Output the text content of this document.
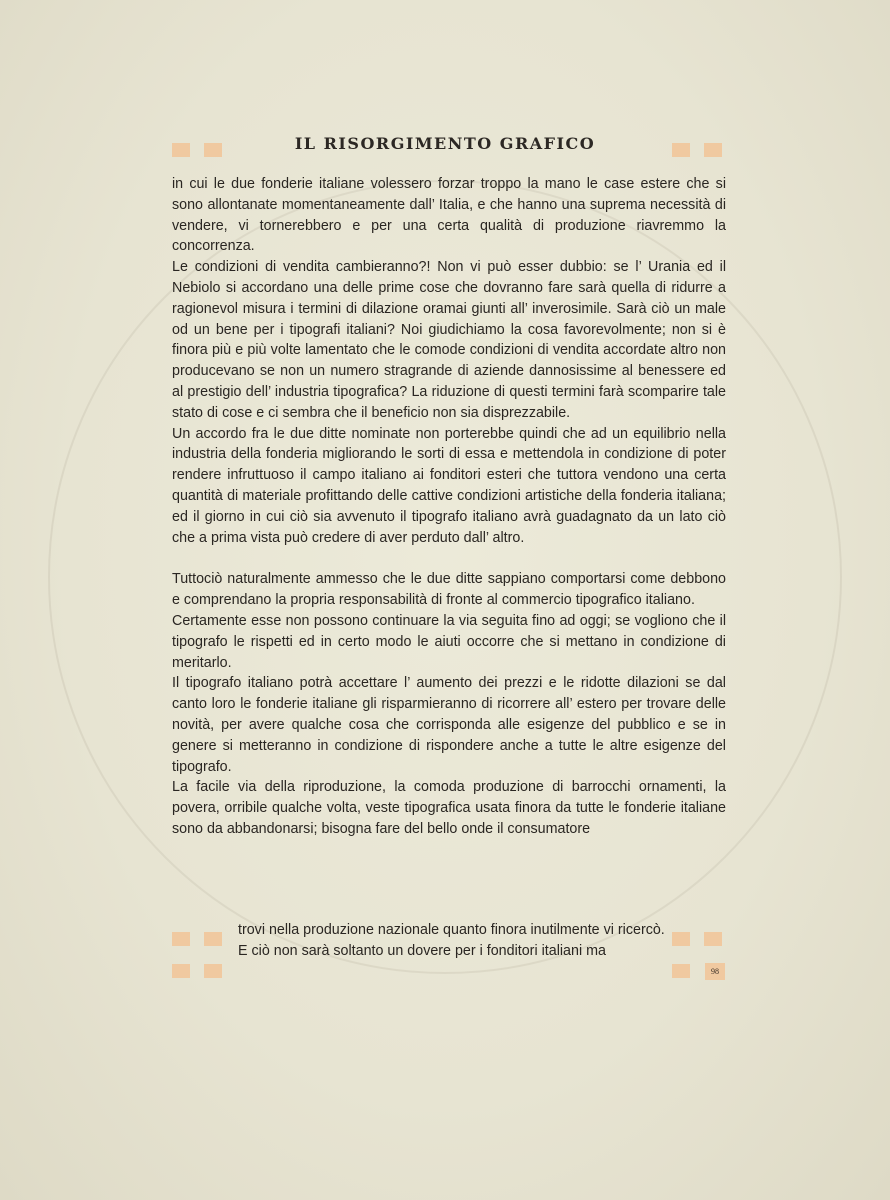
IL RISORGIMENTO GRAFICO

in cui le due fonderie italiane volessero forzar troppo la mano le case estere che si sono allontanate momentaneamente dall’ Italia, e che hanno una suprema necessità di vendere, vi tornerebbero e per una certa qualità di produzione riavremmo la concorrenza.

Le condizioni di vendita cambieranno?! Non vi può esser dubbio: se l’ Urania ed il Nebiolo si accordano una delle prime cose che dovranno fare sarà quella di ridurre a ragionevol misura i termini di dilazione oramai giunti all’ inverosimile. Sarà ciò un male od un bene per i tipografi italiani? Noi giudichiamo la cosa favorevolmente; non si è finora più e più volte lamentato che le comode condizioni di vendita accordate altro non producevano se non un numero stragrande di aziende dannosissime al benessere ed al prestigio dell’ industria tipografica? La riduzione di questi termini farà scomparire tale stato di cose e ci sembra che il beneficio non sia disprezzabile.

Un accordo fra le due ditte nominate non porterebbe quindi che ad un equilibrio nella industria della fonderia migliorando le sorti di essa e mettendola in condizione di poter rendere infruttuoso il campo italiano ai fonditori esteri che tuttora vendono una certa quantità di materiale profittando delle cattive condizioni artistiche della fonderia italiana; ed il giorno in cui ciò sia avvenuto il tipografo italiano avrà guadagnato da un lato ciò che a prima vista può credere di aver perduto dall’ altro.

Tuttociò naturalmente ammesso che le due ditte sappiano comportarsi come debbono e comprendano la propria responsabilità di fronte al commercio tipografico italiano.

Certamente esse non possono continuare la via seguita fino ad oggi; se vogliono che il tipografo le rispetti ed in certo modo le aiuti occorre che si mettano in condizione di meritarlo.

Il tipografo italiano potrà accettare l’ aumento dei prezzi e le ridotte dilazioni se dal canto loro le fonderie italiane gli risparmieranno di ricorrere all’ estero per trovare delle novità, per avere qualche cosa che corrisponda alle esigenze del pubblico e se in genere si metteranno in condizione di rispondere anche a tutte le altre esigenze del tipografo.

La facile via della riproduzione, la comoda produzione di barrocchi ornamenti, la povera, orribile qualche volta, veste tipografica usata finora da tutte le fonderie italiane sono da abbandonarsi; bisogna fare del bello onde il consumatore

trovi nella produzione nazionale quanto finora inutilmente vi ricercò.

E ciò non sarà soltanto un dovere per i fonditori italiani ma

98
